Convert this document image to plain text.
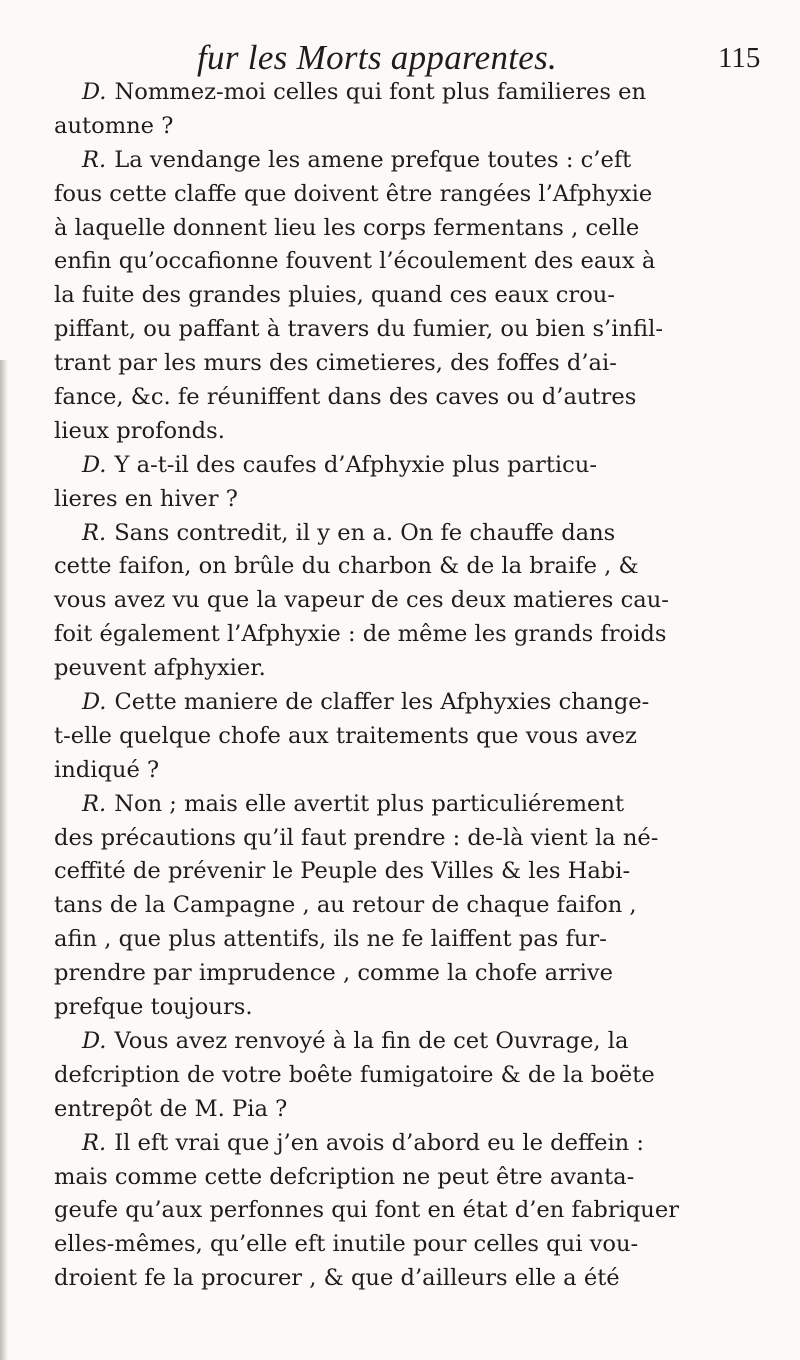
fur les Morts apparentes.	115
D. Nommez-moi celles qui font plus familieres en
automne ?
R. La vendange les amene prefque toutes : c’eft
fous cette claffe que doivent être rangées l’Afphyxie
à laquelle donnent lieu les corps fermentans , celle
enfin qu’occafionne fouvent l’écoulement des eaux à
la fuite des grandes pluies, quand ces eaux crou-
piffant, ou paffant à travers du fumier, ou bien s’infil-
trant par les murs des cimetieres, des foffes d’ai-
fance, &c. fe réuniffent dans des caves ou d’autres
lieux profonds.
D. Y a-t-il des caufes d’Afphyxie plus particu-
lieres en hiver ?
R. Sans contredit, il y en a. On fe chauffe dans
cette faifon, on brûle du charbon & de la braife , &
vous avez vu que la vapeur de ces deux matieres cau-
foit également l’Afphyxie : de même les grands froids
peuvent afphyxier.
D. Cette maniere de claffer les Afphyxies change-
t-elle quelque chofe aux traitements que vous avez
indiqué ?
R. Non ; mais elle avertit plus particuliérement
des précautions qu’il faut prendre : de-là vient la né-
ceffité de prévenir le Peuple des Villes & les Habi-
tans de la Campagne , au retour de chaque faifon ,
afin , que plus attentifs, ils ne fe laiffent pas fur-
prendre par imprudence , comme la chofe arrive
prefque toujours.
D. Vous avez renvoyé à la fin de cet Ouvrage, la
defcription de votre boête fumigatoire & de la boëte
entrepôt de M. Pia ?
R. Il eft vrai que j’en avois d’abord eu le deffein :
mais comme cette defcription ne peut être avanta-
geufe qu’aux perfonnes qui font en état d’en fabriquer
elles-mêmes, qu’elle eft inutile pour celles qui vou-
droient fe la procurer , & que d’ailleurs elle a été
